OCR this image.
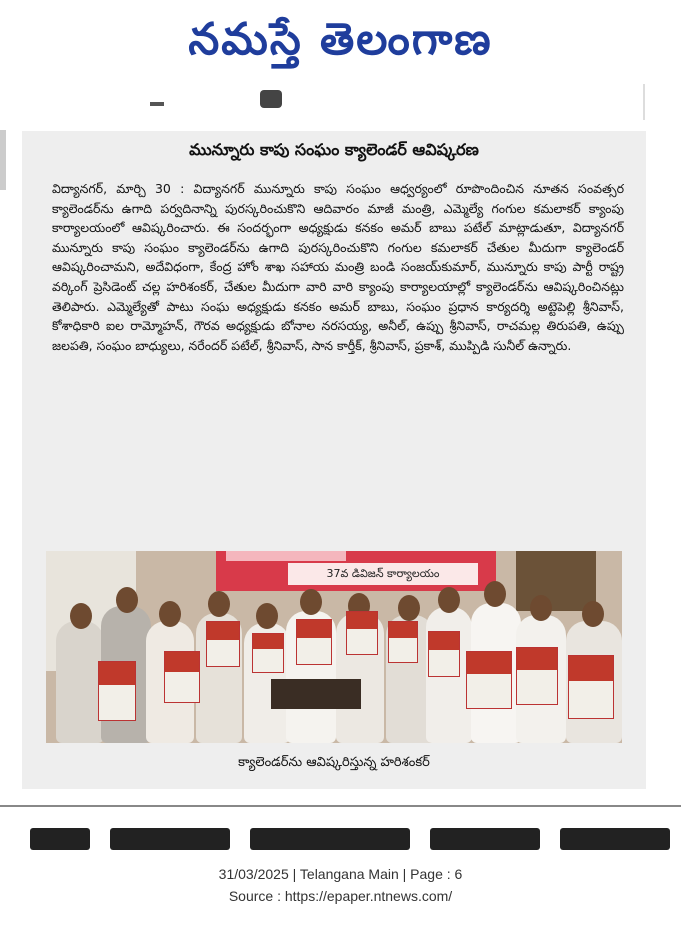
నమస్తే తెలంగాణ
మున్నూరు కాపు సంఘం క్యాలెండర్ ఆవిష్కరణ
విద్యానగర్, మార్చి 30 : విద్యానగర్ మున్నూరు కాపు సంఘం ఆధ్వర్యంలో రూపొందించిన నూతన సంవత్సర క్యాలెండర్‌ను ఉగాది పర్వదినాన్ని పురస్కరించుకొని ఆదివారం మాజీ మంత్రి, ఎమ్మెల్యే గంగుల కమలాకర్ క్యాంపు కార్యాలయంలో ఆవిష్కరించారు. ఈ సందర్భంగా అధ్యక్షుడు కనకం అమర్ బాబు పటేల్ మాట్లాడుతూ, విద్యానగర్ మున్నూరు కాపు సంఘం క్యాలెండర్‌ను ఉగాది పురస్కరించుకొని గంగుల కమలాకర్ చేతుల మీదుగా క్యాలెండర్ ఆవిష్కరించామని, అదేవిధంగా, కేంద్ర హోం శాఖ సహాయ మంత్రి బండి సంజయ్‌కుమార్, మున్నూరు కాపు పార్టీ రాష్ట్ర వర్కింగ్ ప్రెసిడెంట్ చల్ల హరిశంకర్, చేతుల మీదుగా వారి వారి క్యాంపు కార్యాలయాల్లో క్యాలెండర్‌ను ఆవిష్కరించినట్లు తెలిపారు. ఎమ్మెల్యేతో పాటు సంఘ అధ్యక్షుడు కనకం అమర్ బాబు, సంఘం ప్రధాన కార్యదర్శి అట్టెపెల్లి శ్రీనివాస్, కోశాధికారి ఐల రామ్మోహన్, గౌరవ అధ్యక్షుడు బోనాల నరసయ్య, అనీల్, ఉప్పు శ్రీనివాస్, రాచమల్ల తిరుపతి, ఉప్పు జలపతి, సంఘం బాధ్యులు, నరేందర్ పటేల్, శ్రీనివాస్, సాన కార్తీక్, శ్రీనివాస్, ప్రకాశ్, ముప్పిడి సునీల్ ఉన్నారు.
37వ డివిజన్ కార్యాలయం
క్యాలెండర్‌ను ఆవిష్కరిస్తున్న హరిశంకర్
31/03/2025 | Telangana Main | Page : 6
Source : https://epaper.ntnews.com/
